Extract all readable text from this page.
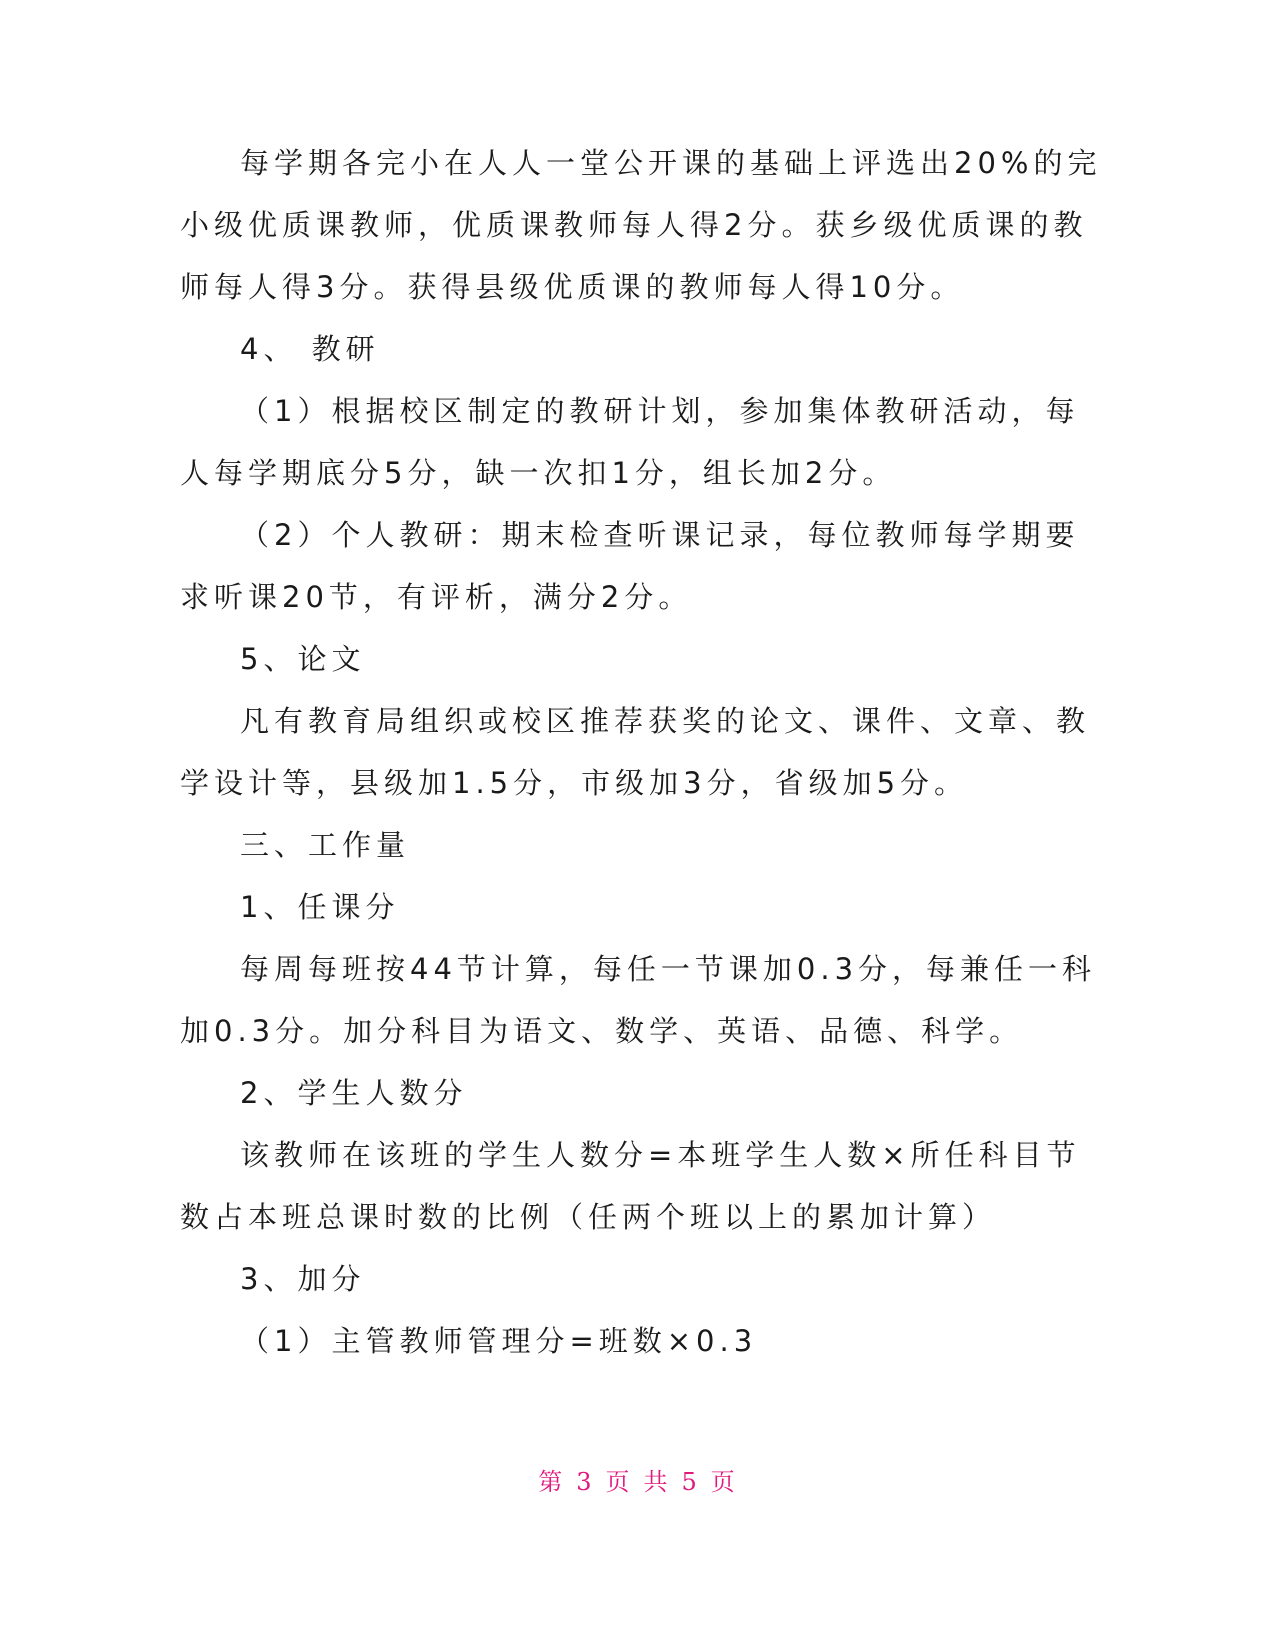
每学期各完小在人人一堂公开课的基础上评选出20%的完
小级优质课教师，优质课教师每人得2分。获乡级优质课的教
师每人得3分。获得县级优质课的教师每人得10分。
4、 教研
（1）根据校区制定的教研计划，参加集体教研活动，每
人每学期底分5分，缺一次扣1分，组长加2分。
（2）个人教研：期末检查听课记录，每位教师每学期要
求听课20节，有评析，满分2分。
5、论文
凡有教育局组织或校区推荐获奖的论文、课件、文章、教
学设计等，县级加1.5分，市级加3分，省级加5分。
三、工作量
1、任课分
每周每班按44节计算，每任一节课加0.3分，每兼任一科
加0.3分。加分科目为语文、数学、英语、品德、科学。
2、学生人数分
该教师在该班的学生人数分=本班学生人数×所任科目节
数占本班总课时数的比例（任两个班以上的累加计算）
3、加分
（1）主管教师管理分=班数×0.3
第 3 页 共 5 页
